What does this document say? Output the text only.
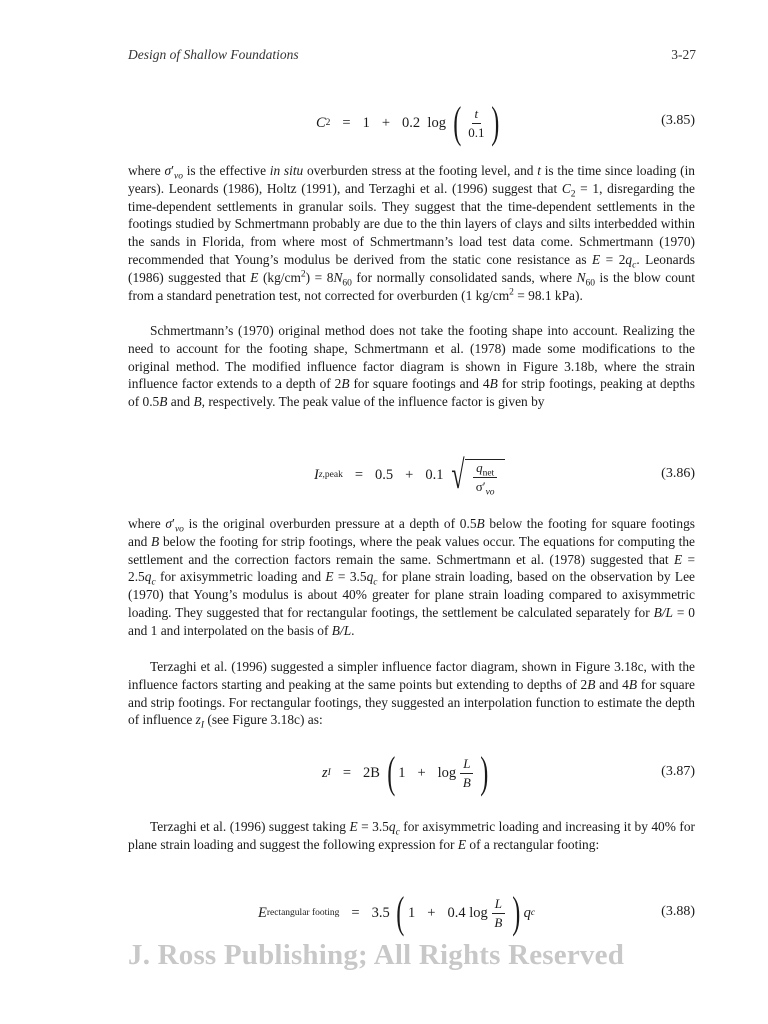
Design of Shallow Foundations	3-27
C 2 = 1 + 0.2
log
( $\frac{t}{0.1}$ )	(3.85)

where $\sigma'_{vo}$ is the effective in situ overburden stress at the footing level, and t is the time since loading (in years). Leonards (1986), Holtz (1991), and Terzaghi et al. (1996) suggest that $C_2 = 1$, disregarding the time-dependent settlements in granular soils. They suggest that the time-dependent settlements in the footings studied by Schmertmann probably are due to the thin layers of clays and silts interbedded within the sands in Florida, from where most of Schmertmann’s load test data come. Schmertmann (1970) recommended that Young’s modulus be derived from the static cone resistance as $E = 2q_c$. Leonards (1986) suggested that E $(kg/cm^2) = 8N_{60}$ for normally consolidated sands, where $N_{60}$ is the blow count from a standard penetration test, not corrected for overburden (1 $kg/cm^2 = 98.1$ kPa).

Schmertmann’s (1970) original method does not take the footing shape into account. Realizing the need to account for the footing shape, Schmertmann et al. (1978) made some modifications to the original method. The modified influence factor diagram is shown in Figure 3.18b, where the strain influence factor extends to a depth of 2B for square footings and 4B for strip footings, peaking at depths of 0.5B and B, respectively. The peak value of the influence factor is given by

I z,peak = 0.5 + 0.1
√ $\frac{q_{net}}{\sigma'_{vo}}$	(3.86)

where $\sigma'_{vo}$ is the original overburden pressure at a depth of 0.5B below the footing for square footings and B below the footing for strip footings, where the peak values occur. The equations for computing the settlement and the correction factors remain the same. Schmertmann et al. (1978) suggested that $E = 2.5q_c$ for axisymmetric loading and $E = 3.5q_c$ for plane strain loading, based on the observation by Lee (1970) that Young’s modulus is about 40% greater for plane strain loading compared to axisymmetric loading. They suggested that for rectangular footings, the settlement be calculated separately for B/L = 0 and 1 and interpolated on the basis of B/L.

Terzaghi et al. (1996) suggested a simpler influence factor diagram, shown in Figure 3.18c, with the influence factors starting and peaking at the same points but extending to depths of 2B and 4B for square and strip footings. For rectangular footings, they suggested an interpolation function to estimate the depth of influence $z_I$ (see Figure 3.18c) as:

z I = 2B
( $1 + \log \frac{L}{B}$ )	(3.87)

Terzaghi et al. (1996) suggest taking $E = 3.5q_c$ for axisymmetric loading and increasing it by 40% for plane strain loading and suggest the following expression for E of a rectangular footing:

E rectangular footing = 3.5
( 1 + 0.4
$\log \frac{L}{B}$ ) q c	(3.88)
J. Ross Publishing; All Rights Reserved
